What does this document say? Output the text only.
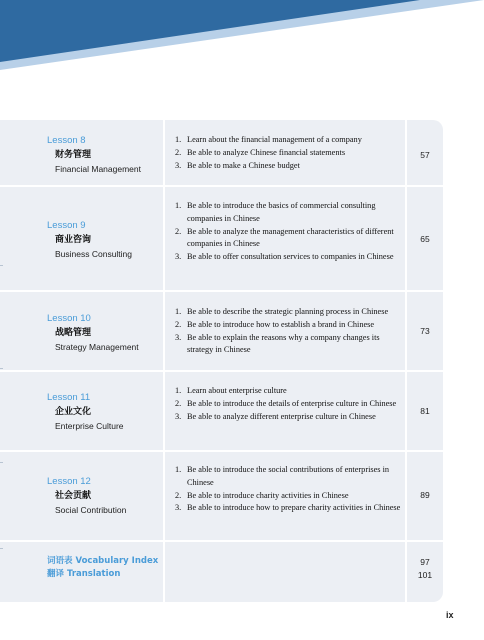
Lesson 8
财务管理
Financial Management
1. Learn about the financial management of a company
2. Be able to analyze Chinese financial statements
3. Be able to make a Chinese budget
57
Lesson 9
商业咨询
Business Consulting
1. Be able to introduce the basics of commercial consulting companies in Chinese
2. Be able to analyze the management characteristics of different companies in Chinese
3. Be able to offer consultation services to companies in Chinese
65
Lesson 10
战略管理
Strategy Management
1. Be able to describe the strategic planning process in Chinese
2. Be able to introduce how to establish a brand in Chinese
3. Be able to explain the reasons why a company changes its strategy in Chinese
73
Lesson 11
企业文化
Enterprise Culture
1. Learn about enterprise culture
2. Be able to introduce the details of enterprise culture in Chinese
3. Be able to analyze different enterprise culture in Chinese
81
Lesson 12
社会贡献
Social Contribution
1. Be able to introduce the social contributions of enterprises in Chinese
2. Be able to introduce charity activities in Chinese
3. Be able to introduce how to prepare charity activities in Chinese
89
词语表 Vocabulary Index
翻译 Translation
97
101
ix
